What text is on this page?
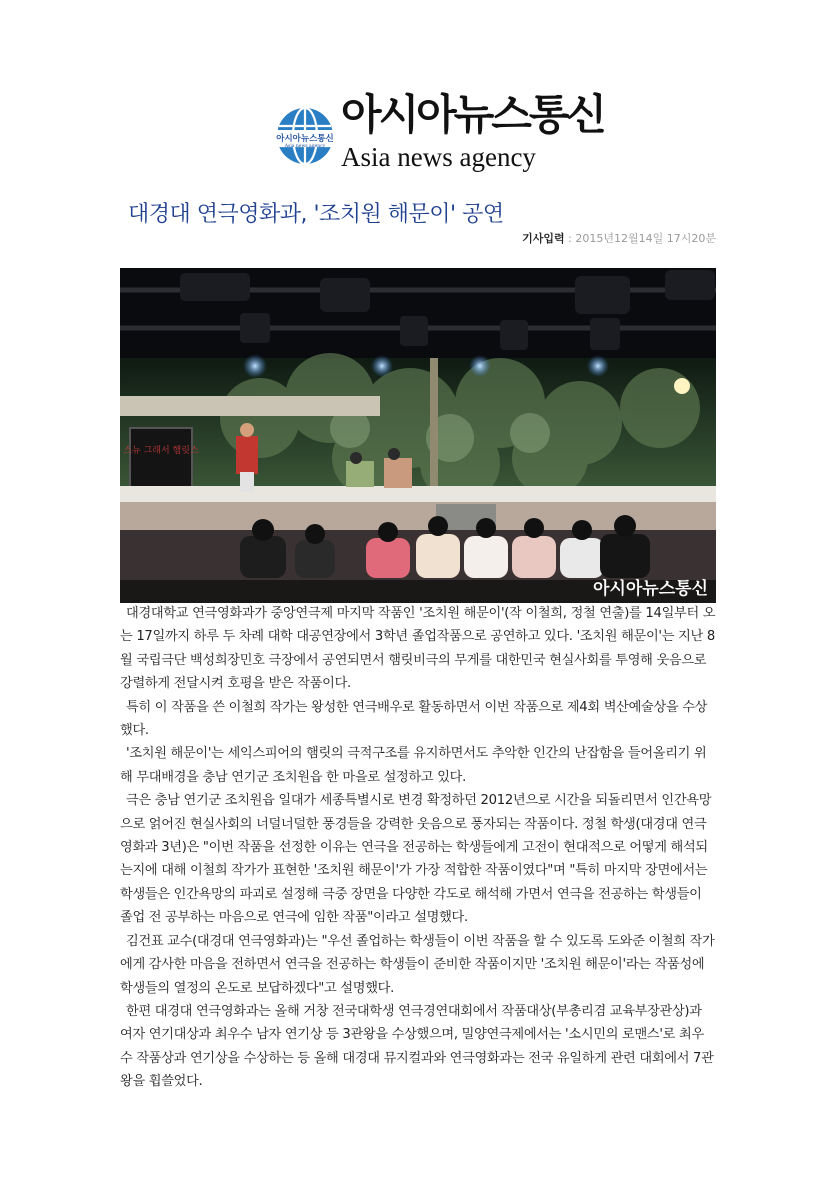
아시아뉴스통신
Asia news agency
아시아뉴스통신
Asia news agency
대경대 연극영화과, '조치원 해문이' 공연
기사입력 : 2015년12월14일 17시20분
스뉴 그래서 햄릿스
아시아뉴스통신

대경대학교 연극영화과가 중앙연극제 마지막 작품인 '조치원 해문이'(작 이철희, 정철 연출)를 14일부터 오는 17일까지 하루 두 차례 대학 대공연장에서 3학년 졸업작품으로 공연하고 있다. '조치원 해문이'는 지난 8월 국립극단 백성희장민호 극장에서 공연되면서 햄릿비극의 무게를 대한민국 현실사회를 투영해 웃음으로 강렬하게 전달시켜 호평을 받은 작품이다.

특히 이 작품을 쓴 이철희 작가는 왕성한 연극배우로 활동하면서 이번 작품으로 제4회 벽산예술상을 수상했다.

'조치원 해문이'는 세익스피어의 햄릿의 극적구조를 유지하면서도 추악한 인간의 난잡함을 들어올리기 위해 무대배경을 충남 연기군 조치원읍 한 마을로 설정하고 있다.

극은 충남 연기군 조치원읍 일대가 세종특별시로 변경 확정하던 2012년으로 시간을 되돌리면서 인간욕망으로 얽어진 현실사회의 너덜너덜한 풍경들을 강력한 웃음으로 풍자되는 작품이다. 정철 학생(대경대 연극영화과 3년)은 "이번 작품을 선정한 이유는 연극을 전공하는 학생들에게 고전이 현대적으로 어떻게 해석되는지에 대해 이철희 작가가 표현한 '조치원 해문이'가 가장 적합한 작품이였다"며 "특히 마지막 장면에서는 학생들은 인간욕망의 파괴로 설정해 극중 장면을 다양한 각도로 해석해 가면서 연극을 전공하는 학생들이 졸업 전 공부하는 마음으로 연극에 임한 작품"이라고 설명했다.

김건표 교수(대경대 연극영화과)는 "우선 졸업하는 학생들이 이번 작품을 할 수 있도록 도와준 이철희 작가에게 감사한 마음을 전하면서 연극을 전공하는 학생들이 준비한 작품이지만 '조치원 해문이'라는 작품성에 학생들의 열정의 온도로 보답하겠다"고 설명했다.

한편 대경대 연극영화과는 올해 거창 전국대학생 연극경연대회에서 작품대상(부총리겸 교육부장관상)과 여자 연기대상과 최우수 남자 연기상 등 3관왕을 수상했으며, 밀양연극제에서는 '소시민의 로맨스'로 최우수 작품상과 연기상을 수상하는 등 올해 대경대 뮤지컬과와 연극영화과는 전국 유일하게 관련 대회에서 7관왕을 휩쓸었다.
